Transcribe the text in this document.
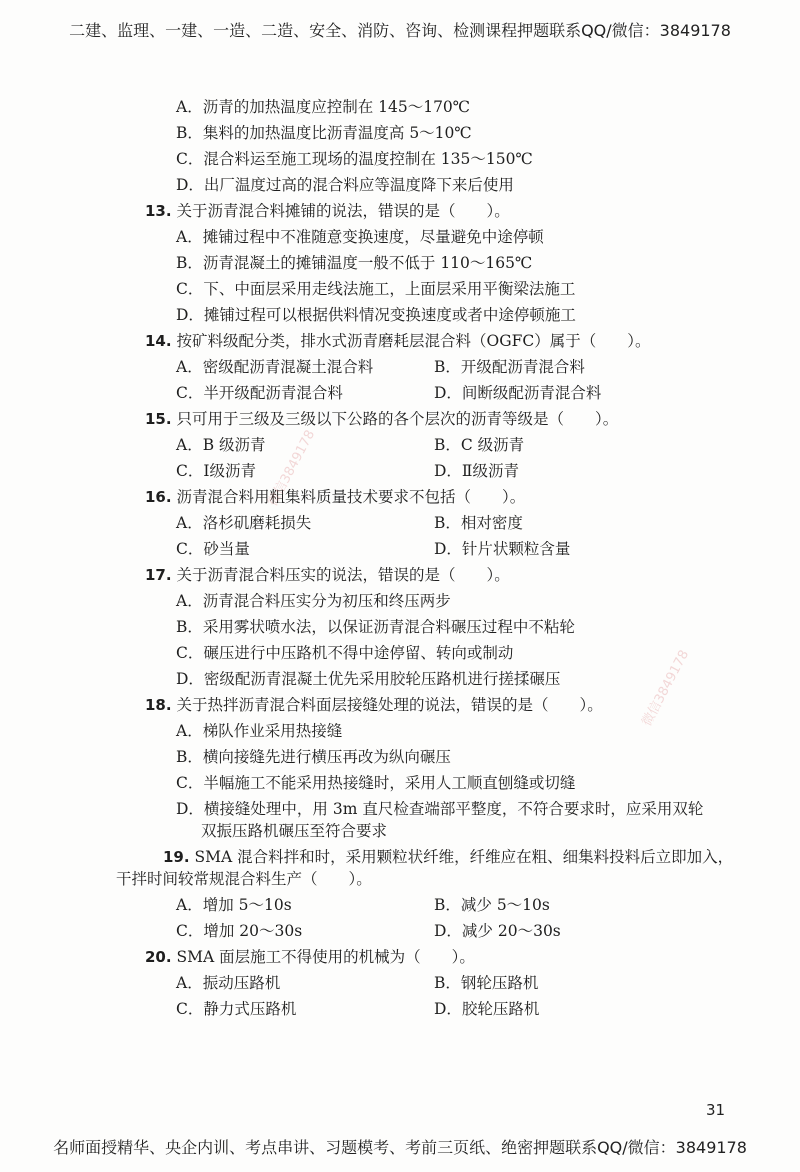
二建、监理、一建、一造、二造、安全、消防、咨询、检测课程押题联系QQ/微信：3849178
A．沥青的加热温度应控制在 145～170℃
B．集料的加热温度比沥青温度高 5～10℃
C．混合料运至施工现场的温度控制在 135～150℃
D．出厂温度过高的混合料应等温度降下来后使用
13. 关于沥青混合料摊铺的说法，错误的是（　　）。
A．摊铺过程中不准随意变换速度，尽量避免中途停顿
B．沥青混凝土的摊铺温度一般不低于 110～165℃
C．下、中面层采用走线法施工，上面层采用平衡梁法施工
D．摊铺过程可以根据供料情况变换速度或者中途停顿施工
14. 按矿料级配分类，排水式沥青磨耗层混合料（OGFC）属于（　　）。
A．密级配沥青混凝土混合料	B．开级配沥青混合料
C．半开级配沥青混合料	D．间断级配沥青混合料
15. 只可用于三级及三级以下公路的各个层次的沥青等级是（　　）。
A．B 级沥青	B．C 级沥青
C．Ⅰ级沥青	D．Ⅱ级沥青
16. 沥青混合料用粗集料质量技术要求不包括（　　）。
A．洛杉矶磨耗损失	B．相对密度
C．砂当量	D．针片状颗粒含量
17. 关于沥青混合料压实的说法，错误的是（　　）。
A．沥青混合料压实分为初压和终压两步
B．采用雾状喷水法，以保证沥青混合料碾压过程中不粘轮
C．碾压进行中压路机不得中途停留、转向或制动
D．密级配沥青混凝土优先采用胶轮压路机进行搓揉碾压
18. 关于热拌沥青混合料面层接缝处理的说法，错误的是（　　）。
A．梯队作业采用热接缝
B．横向接缝先进行横压再改为纵向碾压
C．半幅施工不能采用热接缝时，采用人工顺直刨缝或切缝
D．横接缝处理中，用 3m 直尺检查端部平整度，不符合要求时，应采用双轮
双振压路机碾压至符合要求
19. SMA 混合料拌和时，采用颗粒状纤维，纤维应在粗、细集料投料后立即加入，
干拌时间较常规混合料生产（　　）。
A．增加 5～10s	B．减少 5～10s
C．增加 20～30s	D．减少 20～30s
20. SMA 面层施工不得使用的机械为（　　）。
A．振动压路机	B．钢轮压路机
C．静力式压路机	D．胶轮压路机
微信3849178
微信3849178
31
名师面授精华、央企内训、考点串讲、习题模考、考前三页纸、绝密押题联系QQ/微信：3849178
